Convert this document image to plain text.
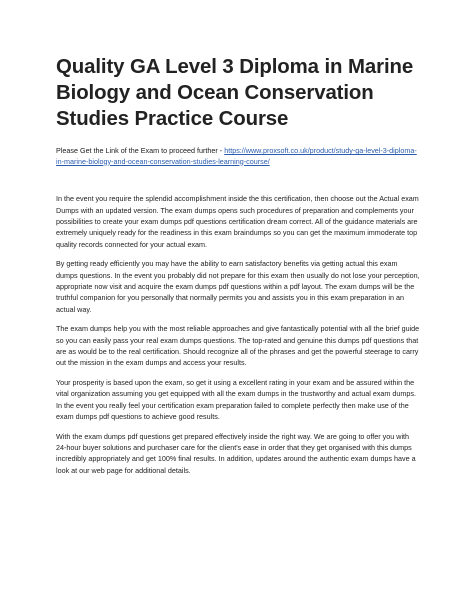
Quality GA Level 3 Diploma in Marine Biology and Ocean Conservation Studies Practice Course

Please Get the Link of the Exam to proceed further - https://www.proxsoft.co.uk/product/study-ga-level-3-diploma-in-marine-biology-and-ocean-conservation-studies-learning-course/

In the event you require the splendid accomplishment inside the this certification, then choose out the Actual exam Dumps with an updated version. The exam dumps opens such procedures of preparation and complements your possibilities to create your exam dumps pdf questions certification dream correct. All of the guidance materials are extremely uniquely ready for the readiness in this exam braindumps so you can get the maximum immoderate top quality records connected for your actual exam.

By getting ready efficiently you may have the ability to earn satisfactory benefits via getting actual this exam dumps questions. In the event you probably did not prepare for this exam then usually do not lose your perception, appropriate now visit and acquire the exam dumps pdf questions within a pdf layout. The exam dumps will be the truthful companion for you personally that normally permits you and assists you in this exam preparation in an actual way.

The exam dumps help you with the most reliable approaches and give fantastically potential with all the brief guide so you can easily pass your real exam dumps questions. The top-rated and genuine this dumps pdf questions that are as would be to the real certification. Should recognize all of the phrases and get the powerful steerage to carry out the mission in the exam dumps and access your results.

Your prosperity is based upon the exam, so get it using a excellent rating in your exam and be assured within the vital organization assuming you get equipped with all the exam dumps in the trustworthy and actual exam dumps. In the event you really feel your certification exam preparation failed to complete perfectly then make use of the exam dumps pdf questions to achieve good results.

With the exam dumps pdf questions get prepared effectively inside the right way. We are going to offer you with 24-hour buyer solutions and purchaser care for the client's ease in order that they get organised with this dumps incredibly appropriately and get 100% final results. In addition, updates around the authentic exam dumps have a look at our web page for additional details.
